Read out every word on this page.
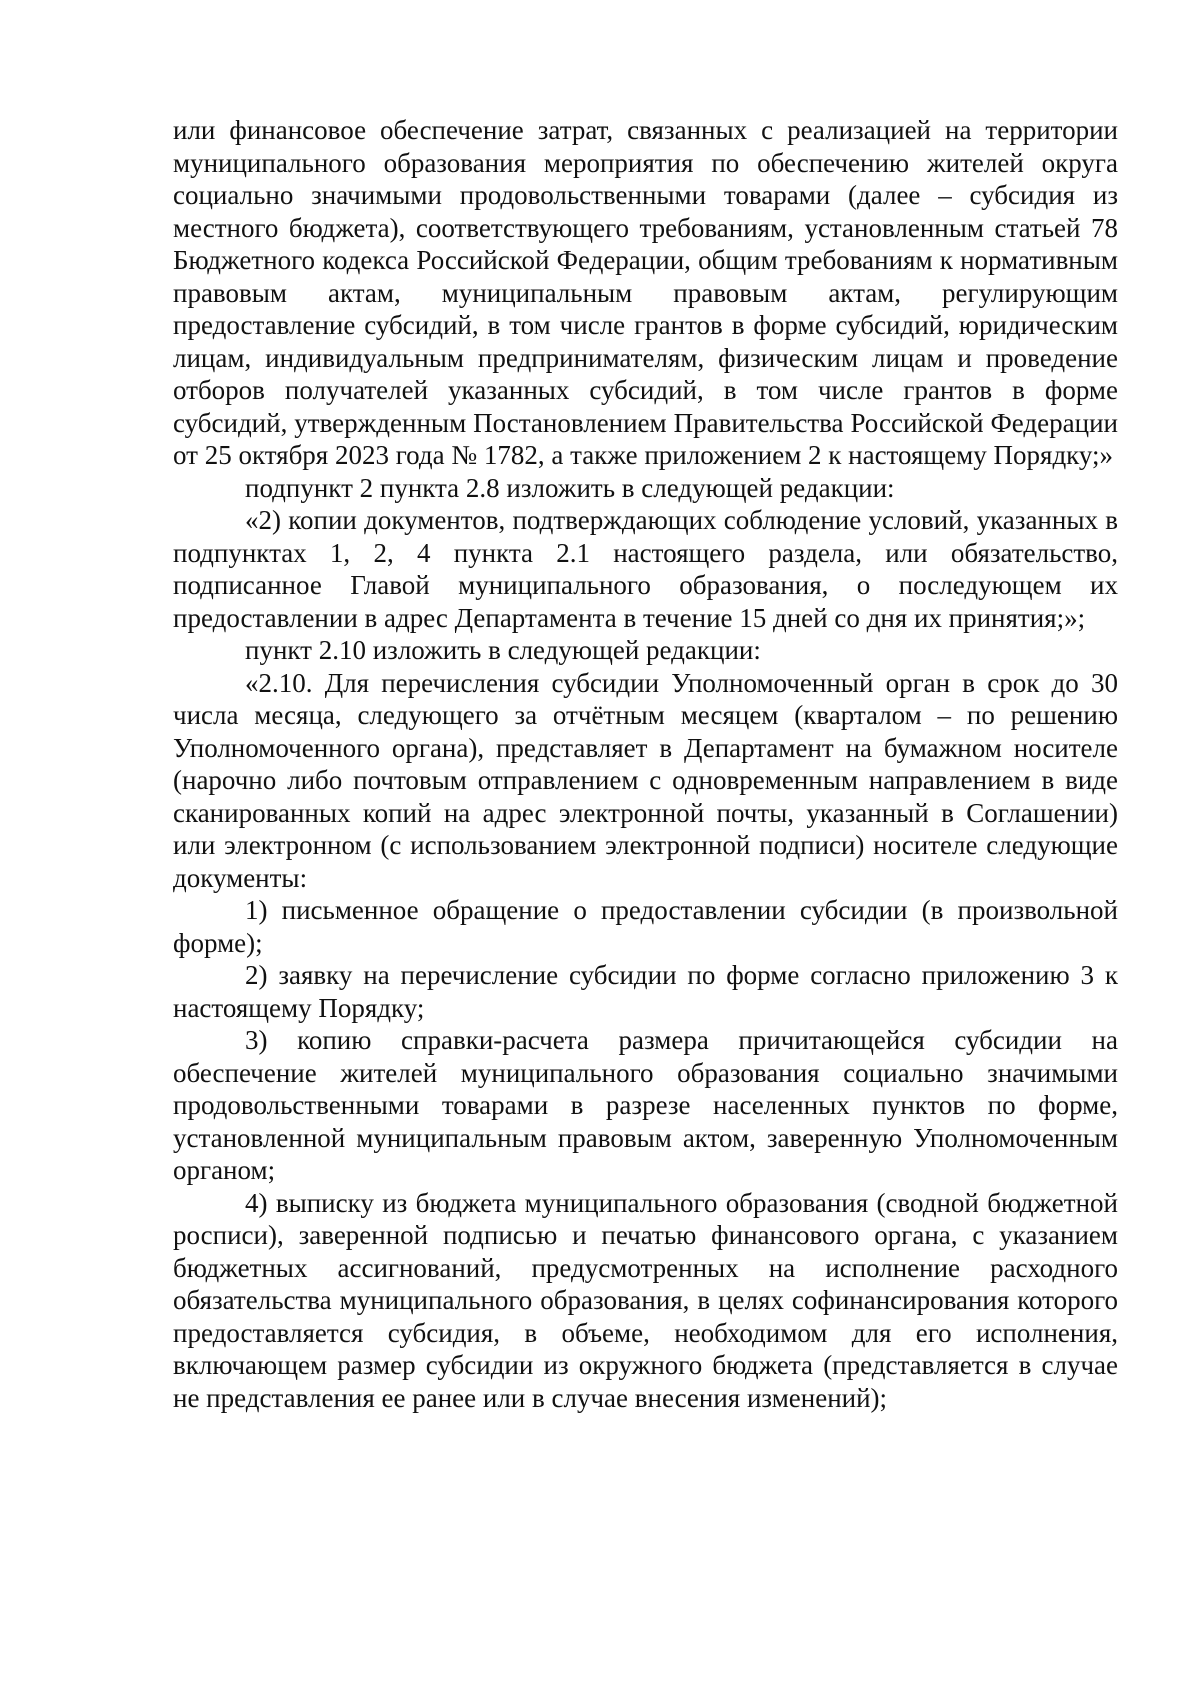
или финансовое обеспечение затрат, связанных с реализацией на территории муниципального образования мероприятия по обеспечению жителей округа социально значимыми продовольственными товарами (далее – субсидия из местного бюджета), соответствующего требованиям, установленным статьей 78 Бюджетного кодекса Российской Федерации, общим требованиям к нормативным правовым актам, муниципальным правовым актам, регулирующим предоставление субсидий, в том числе грантов в форме субсидий, юридическим лицам, индивидуальным предпринимателям, физическим лицам и проведение отборов получателей указанных субсидий, в том числе грантов в форме субсидий, утвержденным Постановлением Правительства Российской Федерации от 25 октября 2023 года № 1782, а также приложением 2 к настоящему Порядку;»

подпункт 2 пункта 2.8 изложить в следующей редакции:

«2) копии документов, подтверждающих соблюдение условий, указанных в подпунктах 1, 2, 4 пункта 2.1 настоящего раздела, или обязательство, подписанное Главой муниципального образования, о последующем их предоставлении в адрес Департамента в течение 15 дней со дня их принятия;»;

пункт 2.10 изложить в следующей редакции:

«2.10. Для перечисления субсидии Уполномоченный орган в срок до 30 числа месяца, следующего за отчётным месяцем (кварталом – по решению Уполномоченного органа), представляет в Департамент на бумажном носителе (нарочно либо почтовым отправлением с одновременным направлением в виде сканированных копий на адрес электронной почты, указанный в Соглашении) или электронном (с использованием электронной подписи) носителе следующие документы:

1) письменное обращение о предоставлении субсидии (в произвольной форме);

2) заявку на перечисление субсидии по форме согласно приложению 3 к настоящему Порядку;

3) копию справки-расчета размера причитающейся субсидии на обеспечение жителей муниципального образования социально значимыми продовольственными товарами в разрезе населенных пунктов по форме, установленной муниципальным правовым актом, заверенную Уполномоченным органом;

4) выписку из бюджета муниципального образования (сводной бюджетной росписи), заверенной подписью и печатью финансового органа, с указанием бюджетных ассигнований, предусмотренных на исполнение расходного обязательства муниципального образования, в целях софинансирования которого предоставляется субсидия, в объеме, необходимом для его исполнения, включающем размер субсидии из окружного бюджета (представляется в случае не представления ее ранее или в случае внесения изменений);
